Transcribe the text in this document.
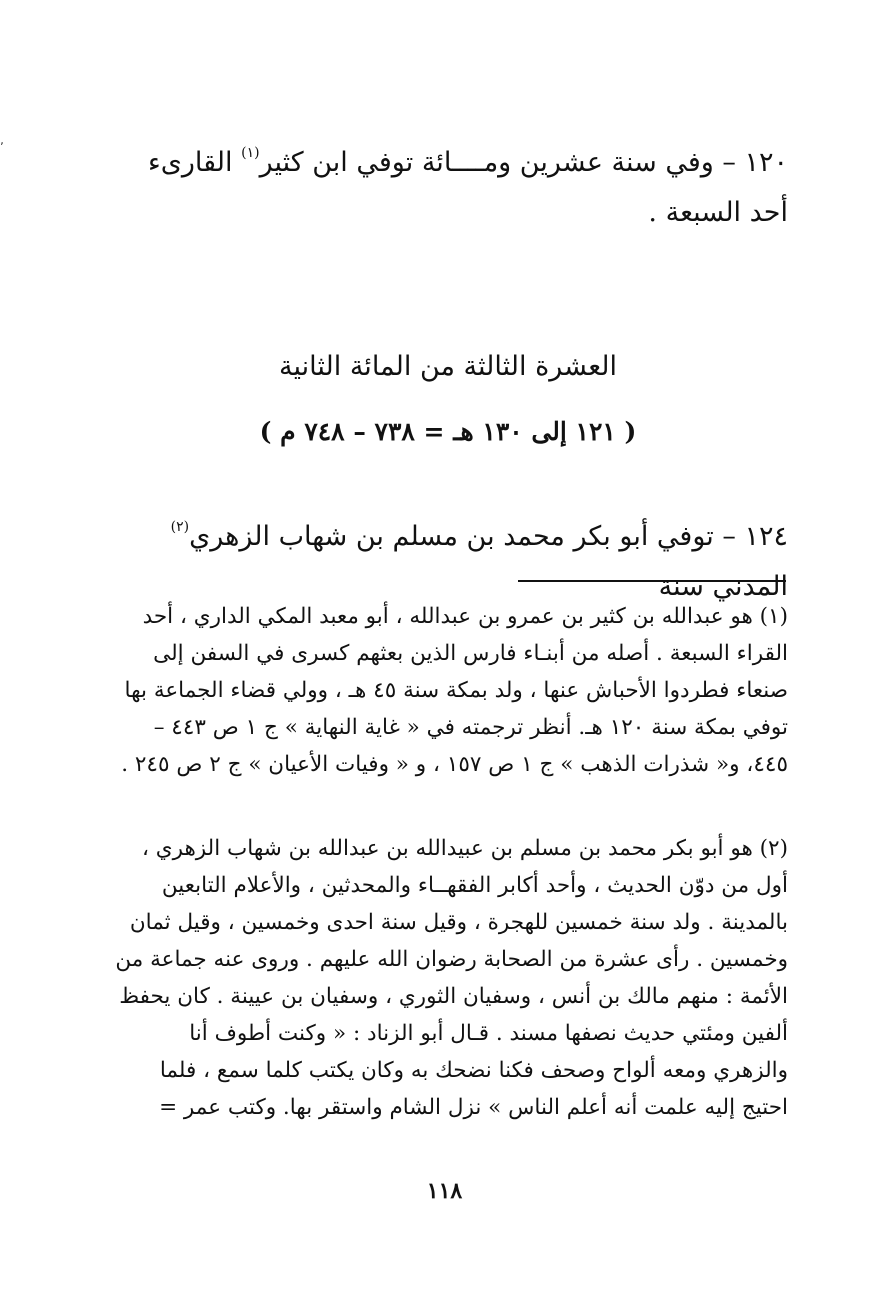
٬	١٢٠ – وفي سنة عشرين ومــــائة توفي ابن كثير$^{(١)}$ القارىء أحد السبعة .
العشرة الثالثة من المائة الثانية
( ١٢١ إلى ١٣٠ هـ = ٧٣٨ – ٧٤٨ م )
١٢٤ – توفي أبو بكر محمد بن مسلم بن شهاب الزهري$^{(٢)}$ المدني سنة
(١) هو عبدالله بن كثير بن عمرو بن عبدالله ، أبو معبد المكي الداري ، أحد القراء السبعة . أصله من أبنـاء فارس الذين بعثهم كسرى في السفن إلى صنعاء فطردوا الأحباش عنها ، ولد بمكة سنة ٤٥ هـ ، وولي قضاء الجماعة بها توفي بمكة سنة ١٢٠ هـ. أنظر ترجمته في « غاية النهاية » ج ١ ص ٤٤٣ – ٤٤٥، و« شذرات الذهب » ج ١ ص ١٥٧ ، و « وفيات الأعيان » ج ٢ ص ٢٤٥ .
(٢) هو أبو بكر محمد بن مسلم بن عبيدالله بن عبدالله بن شهاب الزهري ، أول من دوّن الحديث ، وأحد أكابر الفقهــاء والمحدثين ، والأعلام التابعين بالمدينة . ولد سنة خمسين للهجرة ، وقيل سنة احدى وخمسين ، وقيل ثمان وخمسين . رأى عشرة من الصحابة رضوان الله عليهم . وروى عنه جماعة من الأئمة : منهم مالك بن أنس ، وسفيان الثوري ، وسفيان بن عيينة . كان يحفظ ألفين ومئتي حديث نصفها مسند . قـال أبو الزناد : « وكنت أطوف أنا والزهري ومعه ألواح وصحف فكنا نضحك به وكان يكتب كلما سمع ، فلما احتيج إليه علمت أنه أعلم الناس » نزل الشام واستقر بها. وكتب عمر =
١١٨
